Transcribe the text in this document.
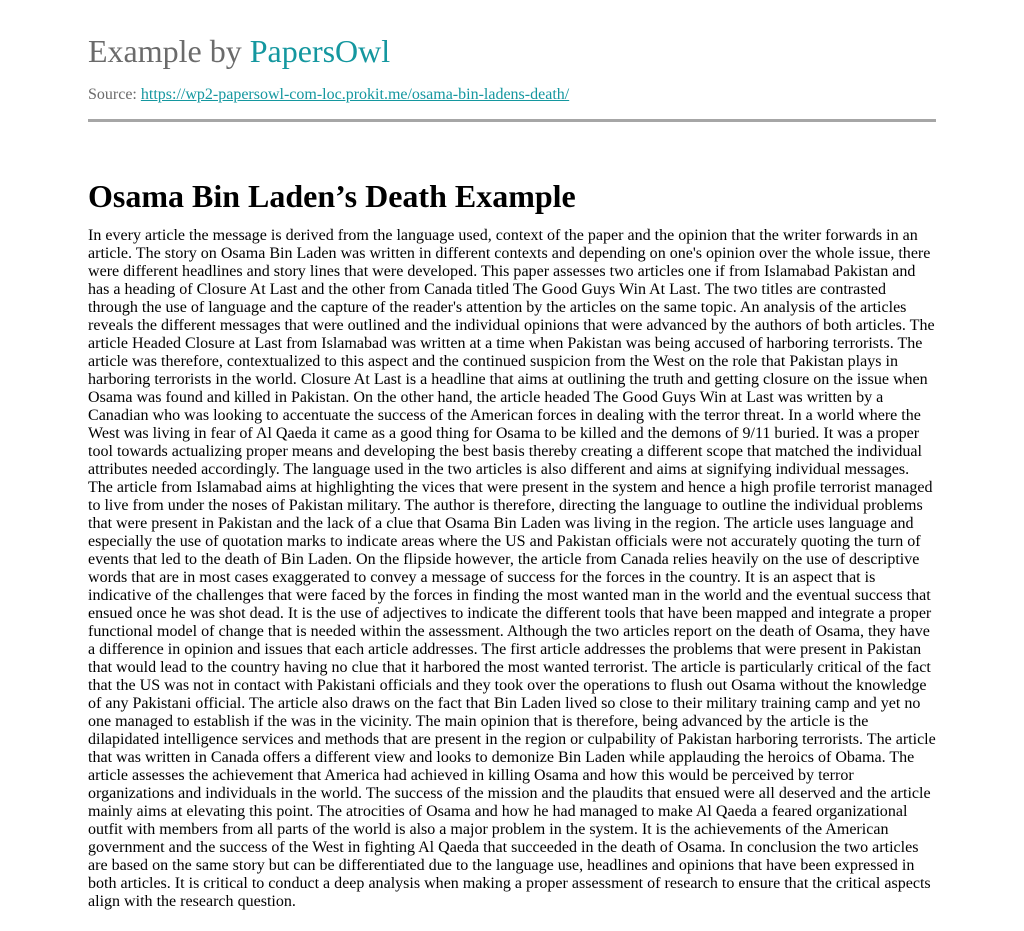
Example by PapersOwl
Source: https://wp2-papersowl-com-loc.prokit.me/osama-bin-ladens-death/
Osama Bin Laden’s Death Example

In every article the message is derived from the language used, context of the paper and the opinion that the writer forwards in an article. The story on Osama Bin Laden was written in different contexts and depending on one's opinion over the whole issue, there were different headlines and story lines that were developed. This paper assesses two articles one if from Islamabad Pakistan and has a heading of Closure At Last and the other from Canada titled The Good Guys Win At Last. The two titles are contrasted through the use of language and the capture of the reader's attention by the articles on the same topic. An analysis of the articles reveals the different messages that were outlined and the individual opinions that were advanced by the authors of both articles. The article Headed Closure at Last from Islamabad was written at a time when Pakistan was being accused of harboring terrorists. The article was therefore, contextualized to this aspect and the continued suspicion from the West on the role that Pakistan plays in harboring terrorists in the world. Closure At Last is a headline that aims at outlining the truth and getting closure on the issue when Osama was found and killed in Pakistan. On the other hand, the article headed The Good Guys Win at Last was written by a Canadian who was looking to accentuate the success of the American forces in dealing with the terror threat. In a world where the West was living in fear of Al Qaeda it came as a good thing for Osama to be killed and the demons of 9/11 buried. It was a proper tool towards actualizing proper means and developing the best basis thereby creating a different scope that matched the individual attributes needed accordingly. The language used in the two articles is also different and aims at signifying individual messages. The article from Islamabad aims at highlighting the vices that were present in the system and hence a high profile terrorist managed to live from under the noses of Pakistan military. The author is therefore, directing the language to outline the individual problems that were present in Pakistan and the lack of a clue that Osama Bin Laden was living in the region. The article uses language and especially the use of quotation marks to indicate areas where the US and Pakistan officials were not accurately quoting the turn of events that led to the death of Bin Laden. On the flipside however, the article from Canada relies heavily on the use of descriptive words that are in most cases exaggerated to convey a message of success for the forces in the country. It is an aspect that is indicative of the challenges that were faced by the forces in finding the most wanted man in the world and the eventual success that ensued once he was shot dead. It is the use of adjectives to indicate the different tools that have been mapped and integrate a proper functional model of change that is needed within the assessment. Although the two articles report on the death of Osama, they have a difference in opinion and issues that each article addresses. The first article addresses the problems that were present in Pakistan that would lead to the country having no clue that it harbored the most wanted terrorist. The article is particularly critical of the fact that the US was not in contact with Pakistani officials and they took over the operations to flush out Osama without the knowledge of any Pakistani official. The article also draws on the fact that Bin Laden lived so close to their military training camp and yet no one managed to establish if the was in the vicinity. The main opinion that is therefore, being advanced by the article is the dilapidated intelligence services and methods that are present in the region or culpability of Pakistan harboring terrorists. The article that was written in Canada offers a different view and looks to demonize Bin Laden while applauding the heroics of Obama. The article assesses the achievement that America had achieved in killing Osama and how this would be perceived by terror organizations and individuals in the world. The success of the mission and the plaudits that ensued were all deserved and the article mainly aims at elevating this point. The atrocities of Osama and how he had managed to make Al Qaeda a feared organizational outfit with members from all parts of the world is also a major problem in the system. It is the achievements of the American government and the success of the West in fighting Al Qaeda that succeeded in the death of Osama. In conclusion the two articles are based on the same story but can be differentiated due to the language use, headlines and opinions that have been expressed in both articles. It is critical to conduct a deep analysis when making a proper assessment of research to ensure that the critical aspects align with the research question.
